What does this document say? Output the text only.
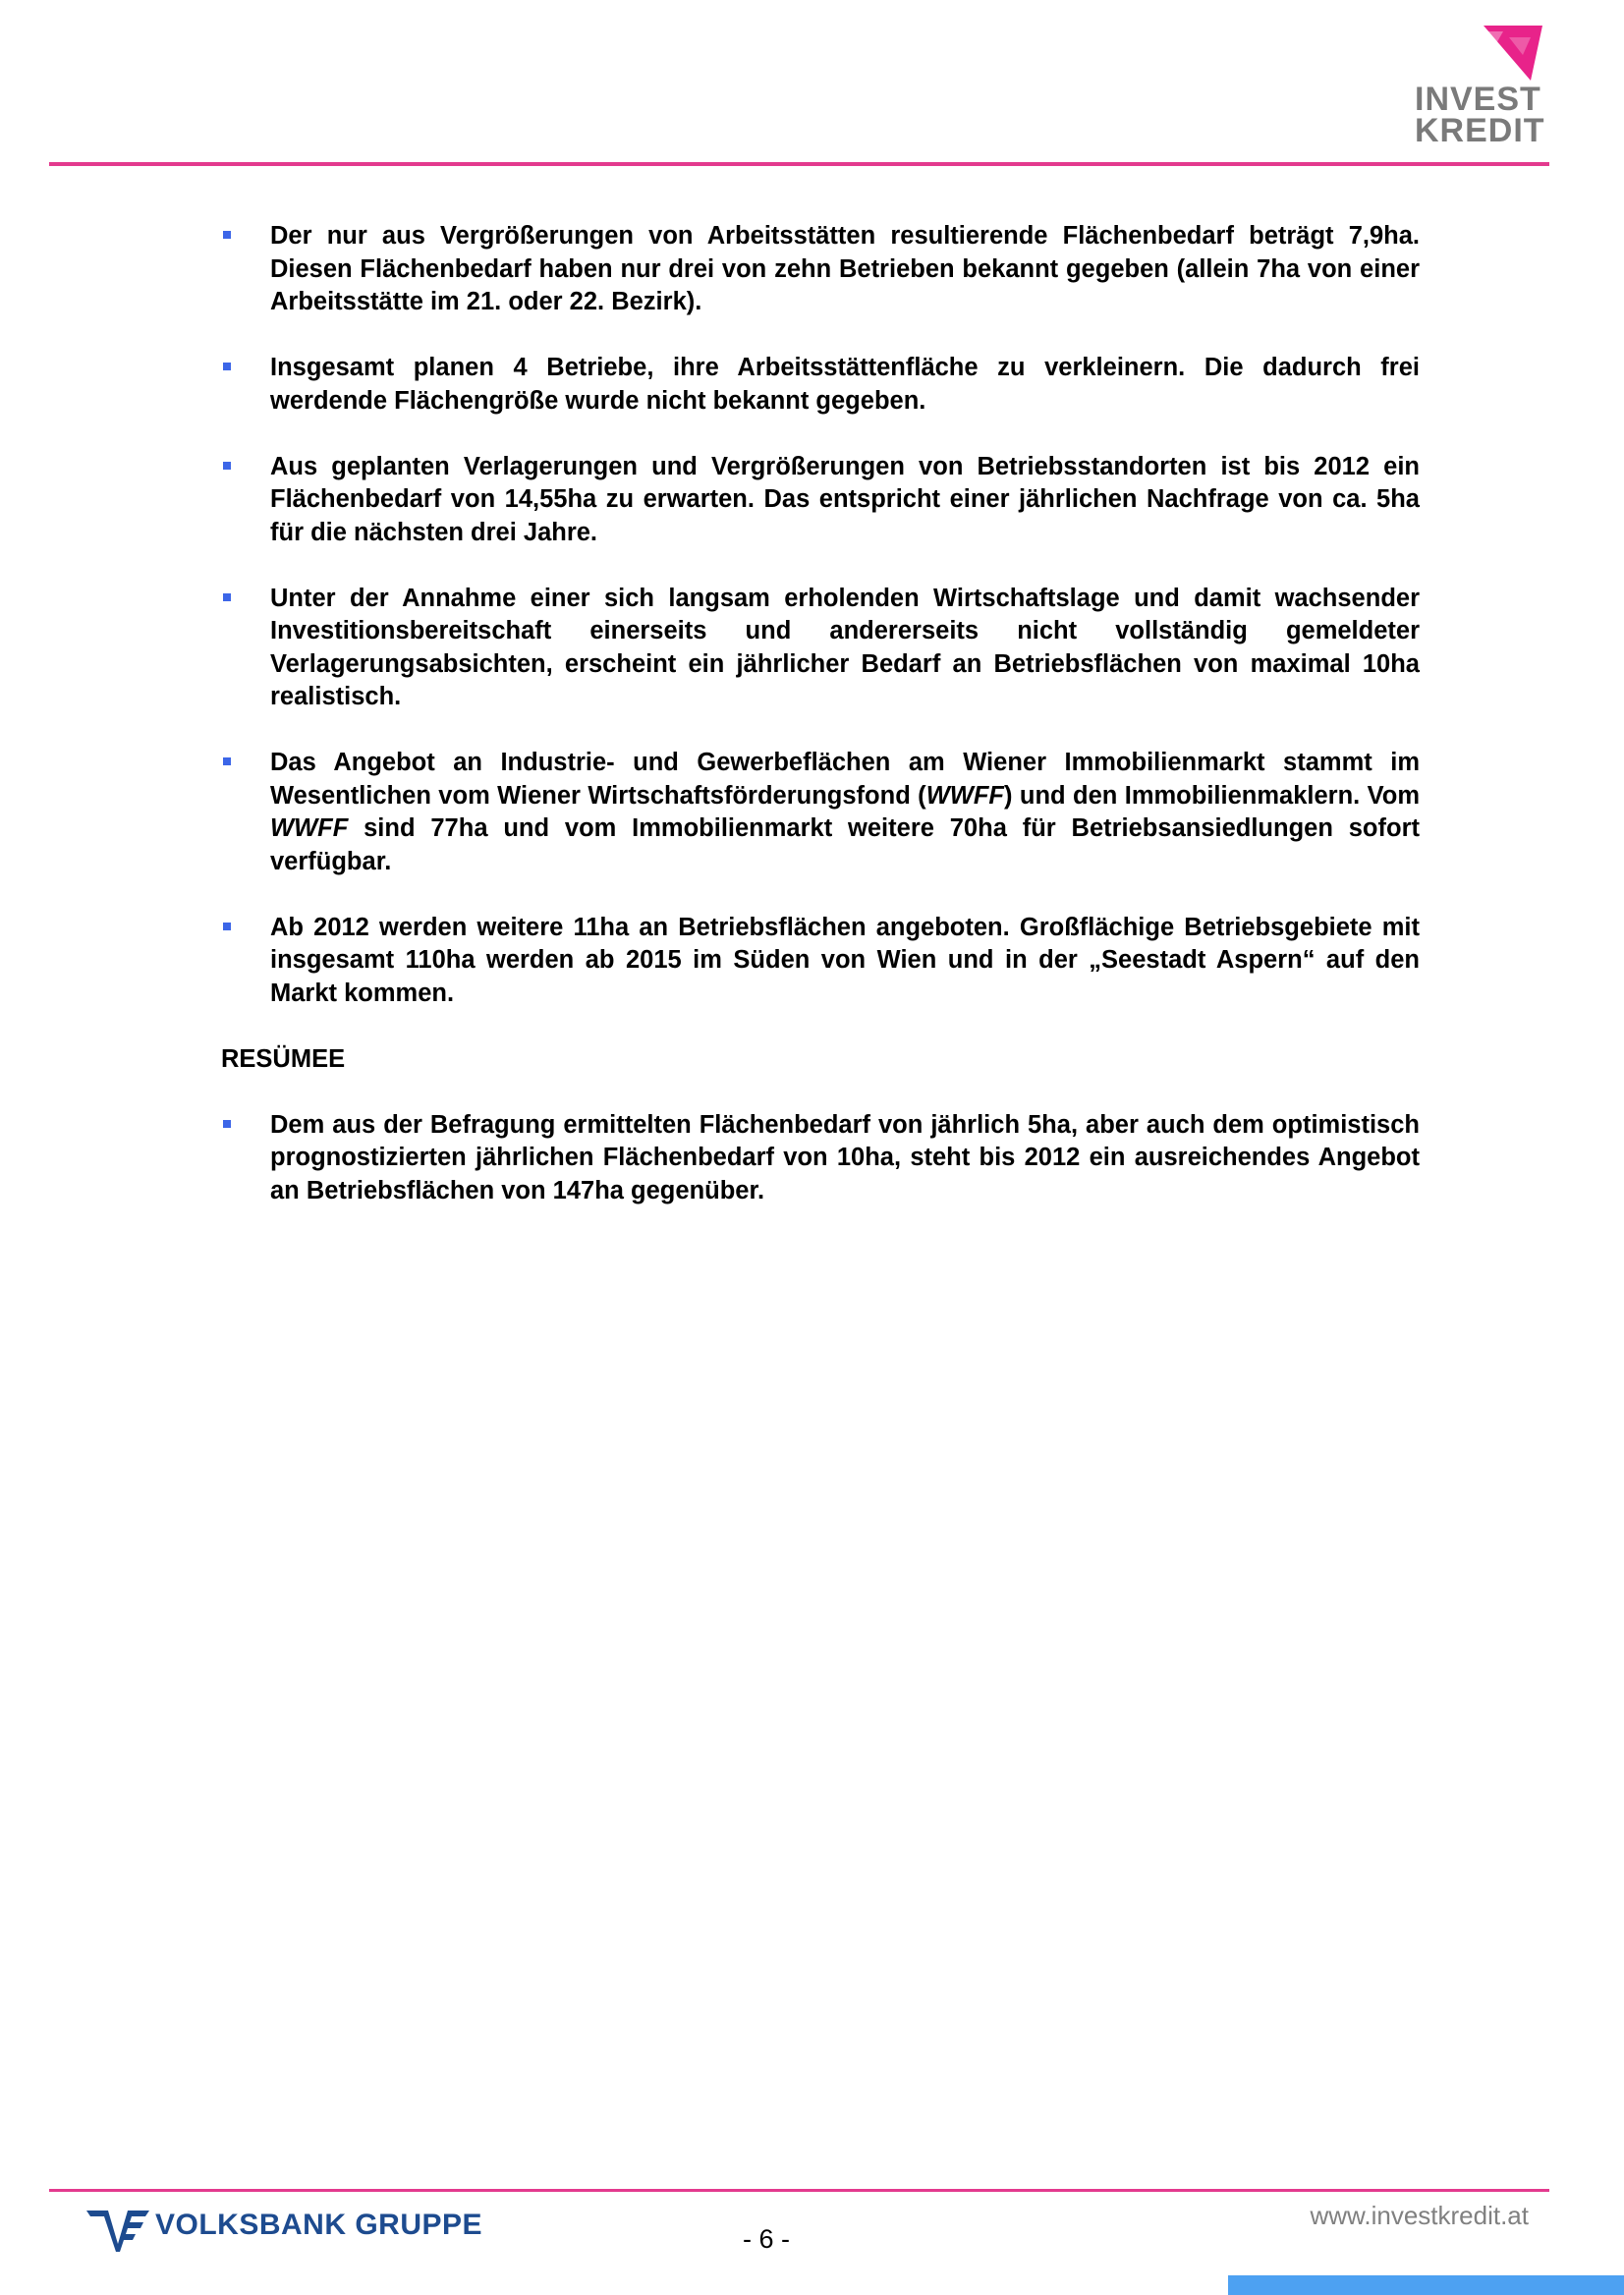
INVEST
KREDIT
Der nur aus Vergrößerungen von Arbeitsstätten resultierende Flächenbedarf beträgt 7,9ha. Diesen Flächenbedarf haben nur drei von zehn Betrieben bekannt gegeben (allein 7ha von einer Arbeitsstätte im 21. oder 22. Bezirk).
Insgesamt planen 4 Betriebe, ihre Arbeitsstättenfläche zu verkleinern. Die dadurch frei werdende Flächengröße wurde nicht bekannt gegeben.
Aus geplanten Verlagerungen und Vergrößerungen von Betriebsstandorten ist bis 2012 ein Flächenbedarf von 14,55ha zu erwarten. Das entspricht einer jährlichen Nachfrage von ca. 5ha für die nächsten drei Jahre.
Unter der Annahme einer sich langsam erholenden Wirtschaftslage und damit wachsender Investitionsbereitschaft einerseits und andererseits nicht vollständig gemeldeter Verlagerungsabsichten, erscheint ein jährlicher Bedarf an Betriebsflächen von maximal 10ha realistisch.
Das Angebot an Industrie- und Gewerbeflächen am Wiener Immobilienmarkt stammt im Wesentlichen vom Wiener Wirtschaftsförderungsfond (WWFF) und den Immobilienmaklern. Vom WWFF sind 77ha und vom Immobilienmarkt weitere 70ha für Betriebsansiedlungen sofort verfügbar.
Ab 2012 werden weitere 11ha an Betriebsflächen angeboten. Großflächige Betriebsgebiete mit insgesamt 110ha werden ab 2015 im Süden von Wien und in der „Seestadt Aspern“ auf den Markt kommen.
RESÜMEE
Dem aus der Befragung ermittelten Flächenbedarf von jährlich 5ha, aber auch dem optimistisch prognostizierten jährlichen Flächenbedarf von 10ha, steht bis 2012 ein ausreichendes Angebot an Betriebsflächen von 147ha gegenüber.
VOLKSBANK GRUPPE	- 6 -
www.investkredit.at
